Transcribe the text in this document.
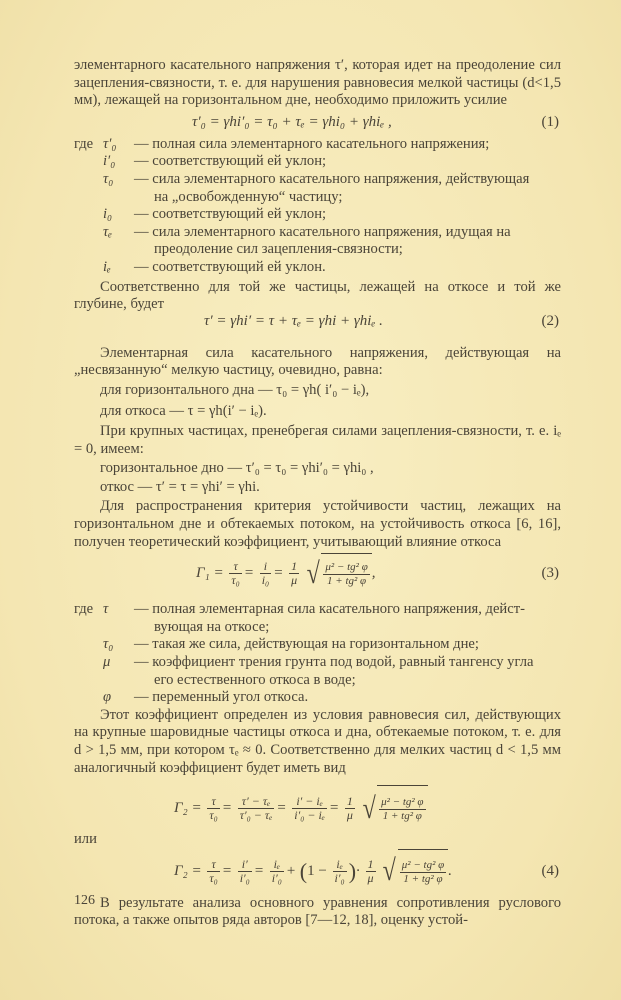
элементарного касательного напряжения τ′, которая идет на преодоление сил зацепления-связности, т. е. для нарушения равновесия мелкой частицы (d<1,5 мм), лежащей на горизонтальном дне, необходимо приложить усилие

τ′₀ = γhi′₀ = τ₀ + τₑ = γhi₀ + γhiₑ ,	(1)
где τ′₀ — полная сила элементарного касательного напряжения;
i′₀ — соответствующий ей уклон;
τ₀ — сила элементарного касательного напряжения, действующая
на „освобожденную“ частицу;
i₀ — соответствующий ей уклон;
τₑ — сила элементарного касательного напряжения, идущая на
преодоление сил зацепления-связности;
iₑ — соответствующий ей уклон.

Соответственно для той же частицы, лежащей на откосе и той же глубине, будет

τ′ = γhi′ = τ + τₑ = γhi + γhiₑ .	(2)

Элементарная сила касательного напряжения, действующая на „несвязанную“ мелкую частицу, очевидно, равна:

для горизонтального дна — τ₀ = γh( i′₀ − iₑ),

для откоса — τ = γh(i′ − iₑ).

При крупных частицах, пренебрегая силами зацепления-связности, т. е. iₑ = 0, имеем:

горизонтальное дно — τ′₀ = τ₀ = γhi′₀ = γhi₀ ,

откос — τ′ = τ = γhi′ = γhi.

Для распространения критерия устойчивости частиц, лежащих на горизонтальном дне и обтекаемых потоком, на устойчивость откоса [6, 16], получен теоретический коэффициент, учитывающий влияние откоса

$\Gamma_1 = \frac{\tau}{\text{τ₀}} = \frac{i}{\text{i₀}} = \frac{1}{\mu}$ √ $\frac{\text{μ² − tg² φ}}{\text{1 + tg² φ}}$ ,	(3)
где τ — полная элементарная сила касательного напряжения, дейст-
вующая на откосе;
τ₀ — такая же сила, действующая на горизонтальном дне;
μ — коэффициент трения грунта под водой, равный тангенсу угла
его естественного откоса в воде;
φ — переменный угол откоса.

Этот коэффициент определен из условия равновесия сил, действующих на крупные шаровидные частицы откоса и дна, обтекаемые потоком, т. е. для d > 1,5 мм, при котором τₑ ≈ 0. Соответственно для мелких частиц d < 1,5 мм аналогичный коэффициент будет иметь вид

$\Gamma_2 = \frac{\tau}{\text{τ₀}} = \frac{\text{τ′ − τₑ}}{\text{τ′₀ − τₑ}} = \frac{\text{i′ − iₑ}}{\text{i′₀ − iₑ}} = \frac{1}{\mu}$ √ $\frac{\text{μ² − tg² φ}}{\text{1 + tg² φ}}$

или

$\Gamma_2 = \frac{\tau}{\text{τ₀}} = \frac{i'}{\text{i′₀}} = \frac{\text{iₑ}}{\text{i′₀}} + (1 - \frac{\text{iₑ}}{\text{i′₀}}$ )· $\frac{1}{\mu}$ √ $\frac{\text{μ² − tg² φ}}{\text{1 + tg² φ}}$ .	(4)

В результате анализа основного уравнения сопротивления руслового потока, а также опытов ряда авторов [7—12, 18], оценку устой-

126
